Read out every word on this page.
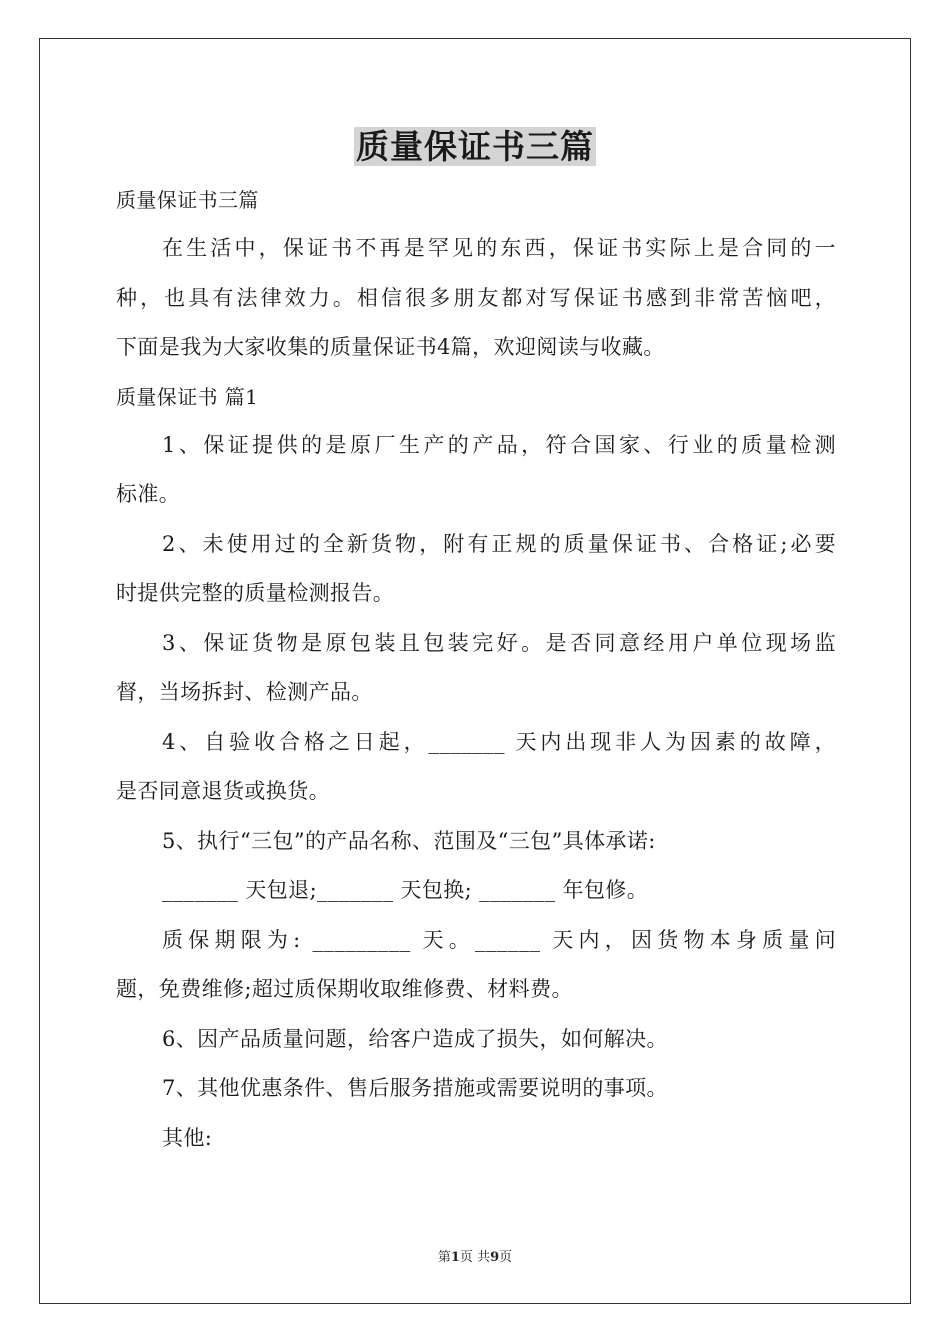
质量保证书三篇
质量保证书三篇
在生活中，保证书不再是罕见的东西，保证书实际上是合同的一
种，也具有法律效力。相信很多朋友都对写保证书感到非常苦恼吧，
下面是我为大家收集的质量保证书4篇，欢迎阅读与收藏。
质量保证书 篇1
1、保证提供的是原厂生产的产品，符合国家、行业的质量检测
标准。
2、未使用过的全新货物，附有正规的质量保证书、合格证;必要
时提供完整的质量检测报告。
3、保证货物是原包装且包装完好。是否同意经用户单位现场监
督，当场拆封、检测产品。
4、自验收合格之日起，_______ 天内出现非人为因素的故障，
是否同意退货或换货。
5、执行“三包”的产品名称、范围及“三包”具体承诺:
_______ 天包退;_______ 天包换; _______ 年包修。
质保期限为: _________ 天。______ 天内，因货物本身质量问
题，免费维修;超过质保期收取维修费、材料费。
6、因产品质量问题，给客户造成了损失，如何解决。
7、其他优惠条件、售后服务措施或需要说明的事项。
其他:
第1页 共9页
